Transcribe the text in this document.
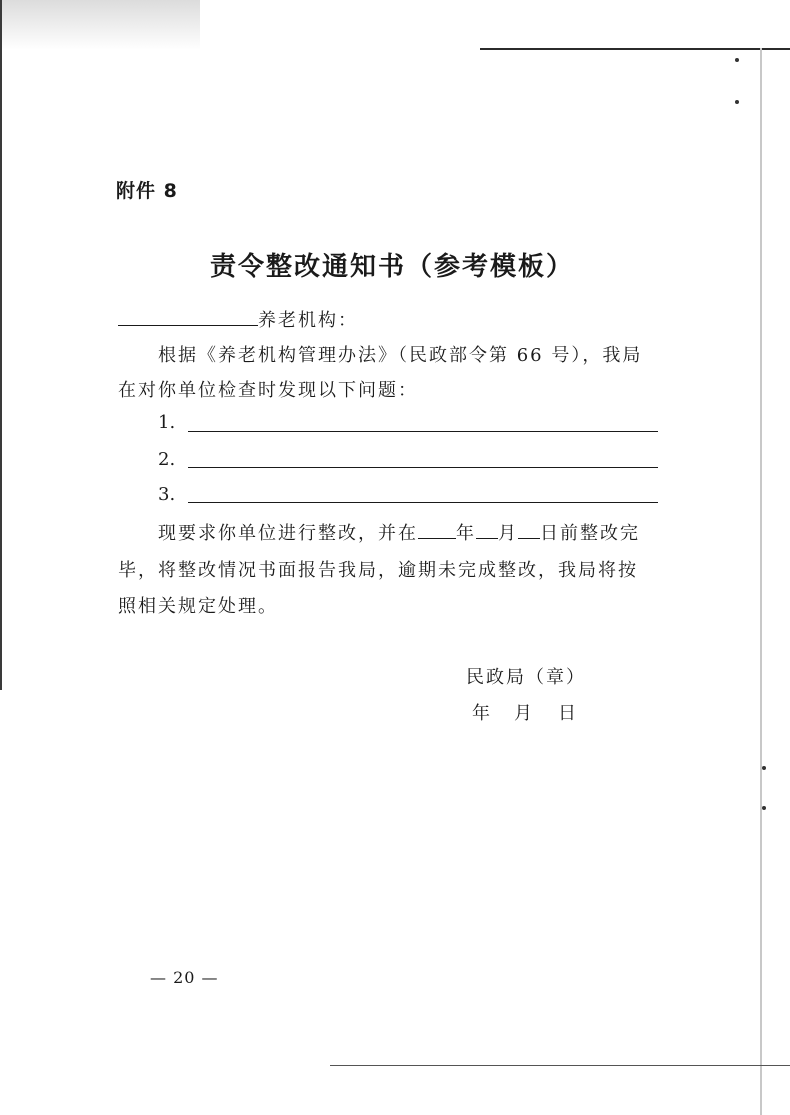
附件 8
责令整改通知书（参考模板）
养老机构：
根据《养老机构管理办法》（民政部令第 66 号），我局
在对你单位检查时发现以下问题：
1.
2.
3.
现要求你单位进行整改，并在 年 月 日前整改完
毕，将整改情况书面报告我局，逾期未完成整改，我局将按
照相关规定处理。
民政局（章）
年 月 日
— 20 —
